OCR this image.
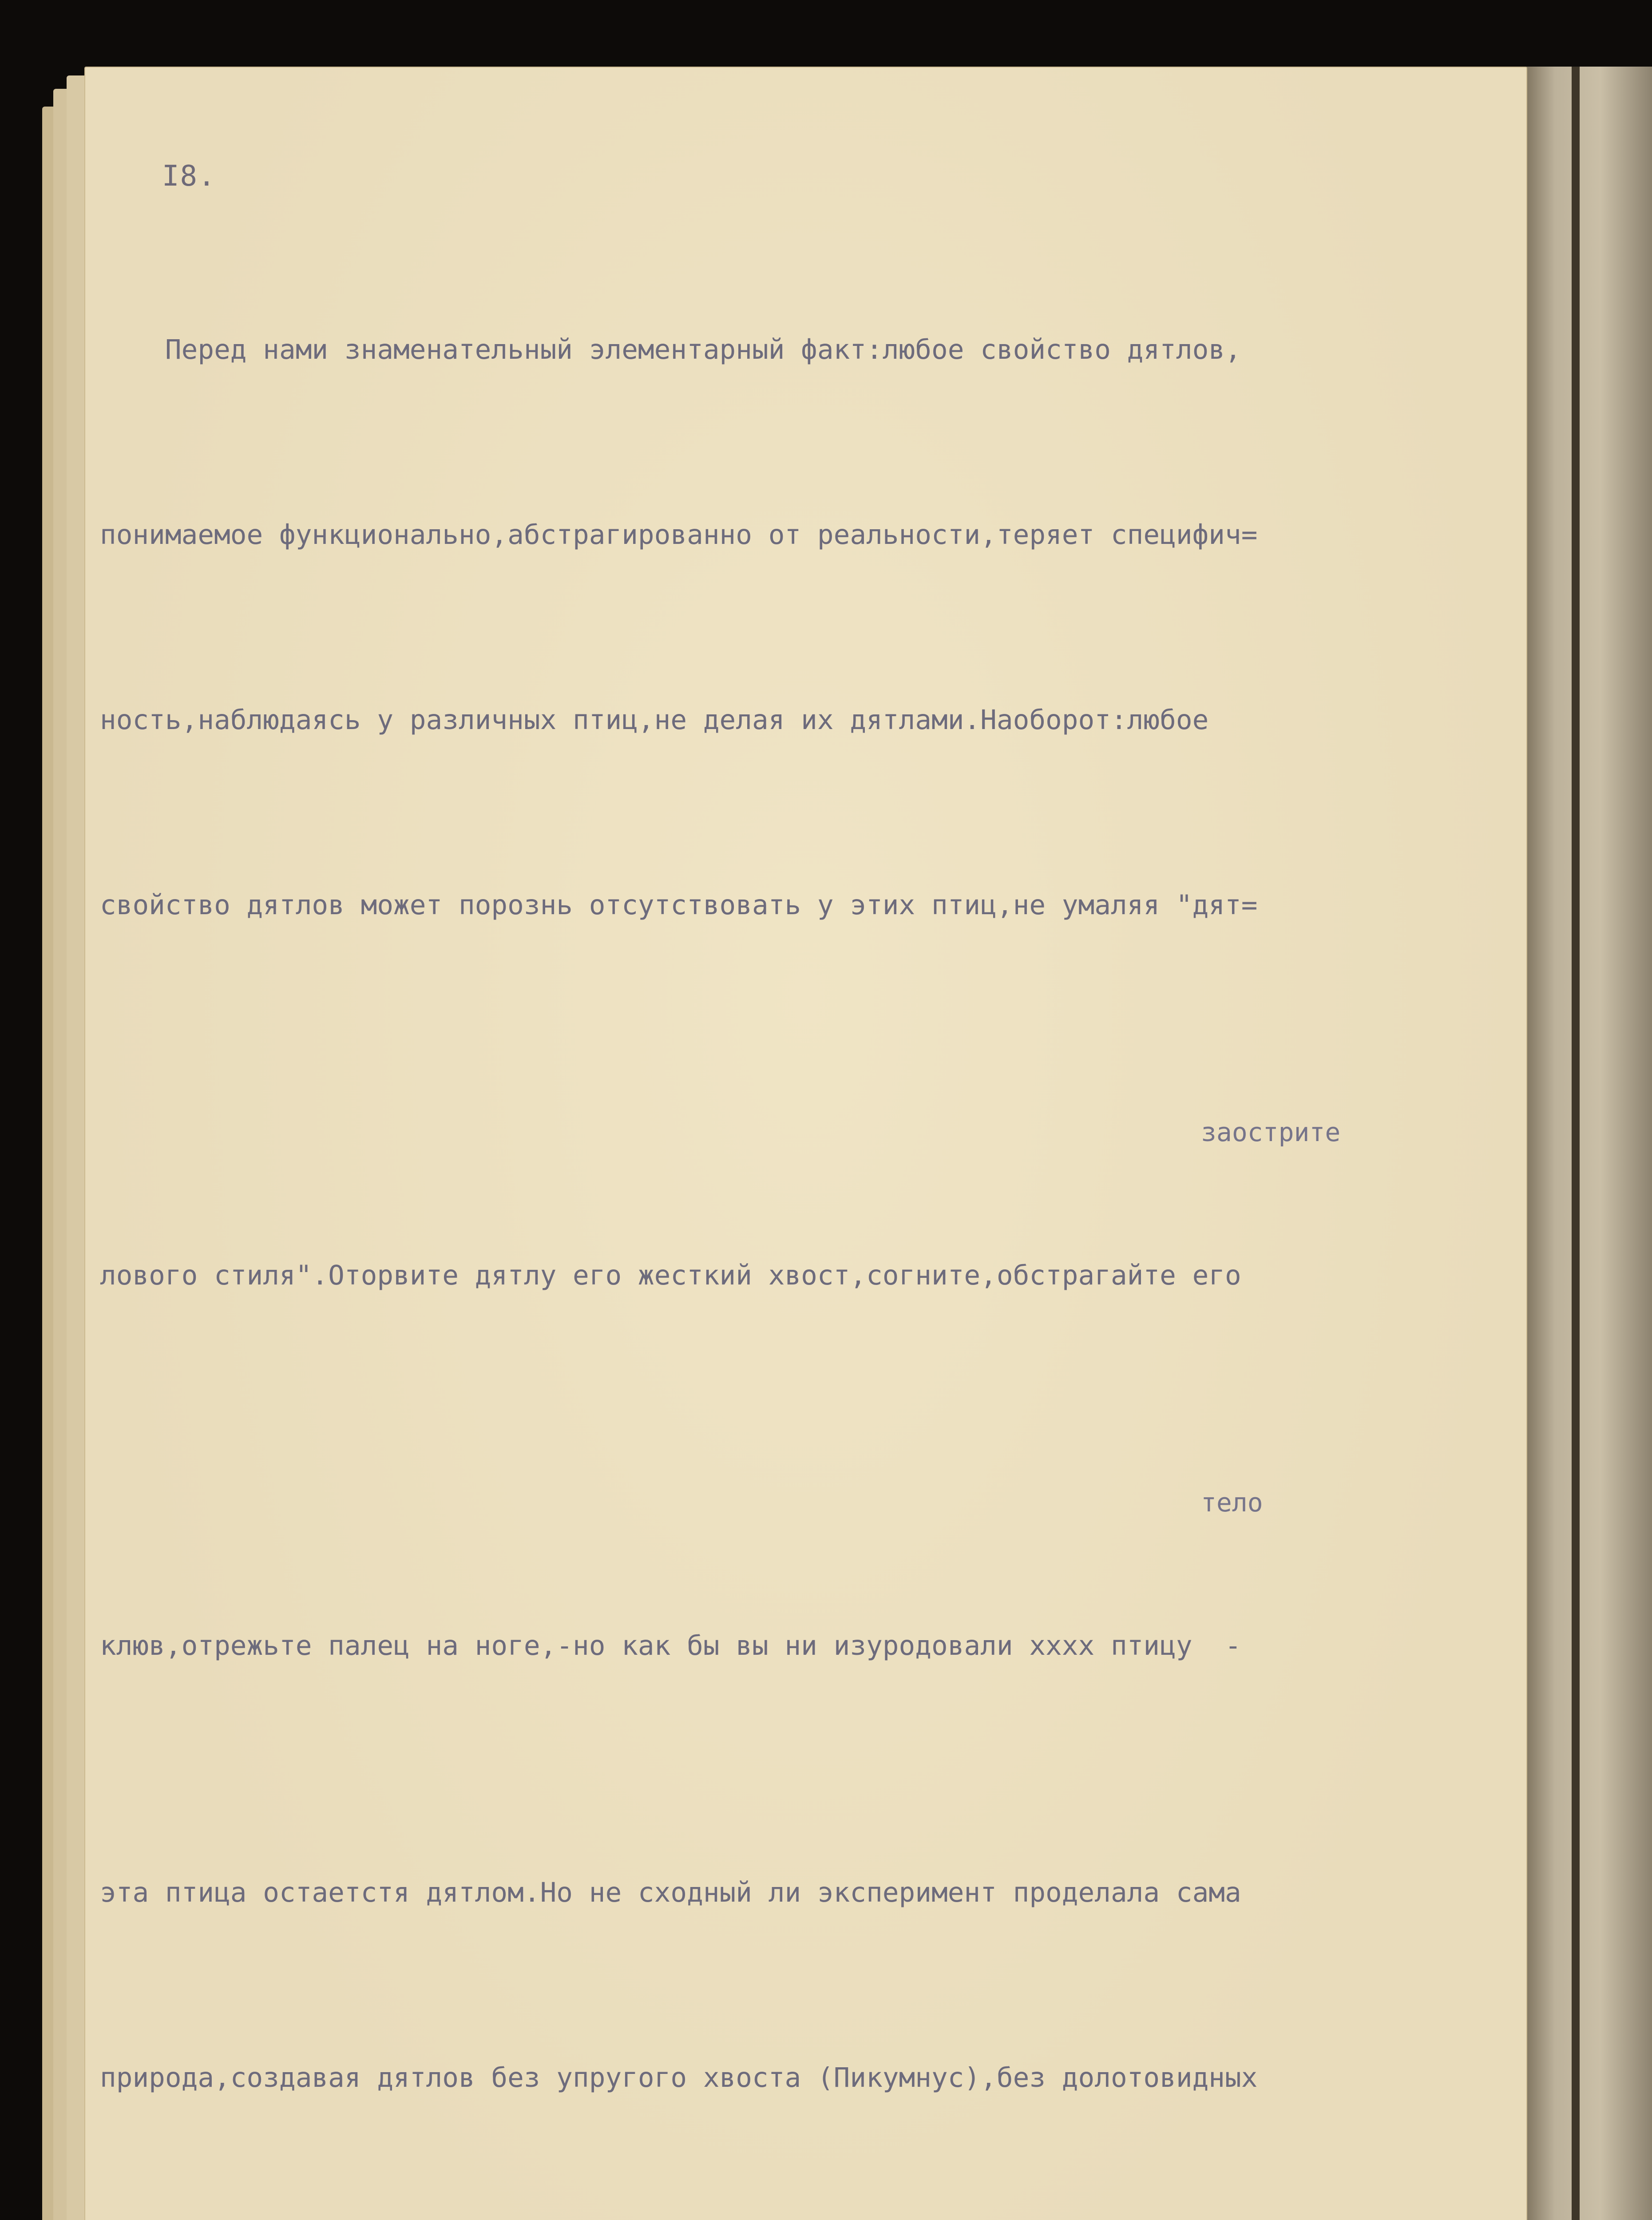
I8.

Перед нами знаменательный элементарный факт:любое свойство дятлов,

понимаемое функционально,абстрагированно от реальности,теряет специфич=

ность,наблюдаясь у различных птиц,не делая их дятлами.Наоборот:любое

свойство дятлов может порознь отсутствовать у этих птиц,не умаляя "дят=

заострите

лового стиля".Оторвите дятлу его жесткий хвост,согните,обстрагайте его

тело

клюв,отрежьте палец на ноге,-но как бы вы ни изуродовали хххх птицу  -

эта птица остаетстя дятлом.Но не сходный ли эксперимент проделала сама

природа,создавая дятлов без упругого хвоста (Пикумнус),без долотовидных
